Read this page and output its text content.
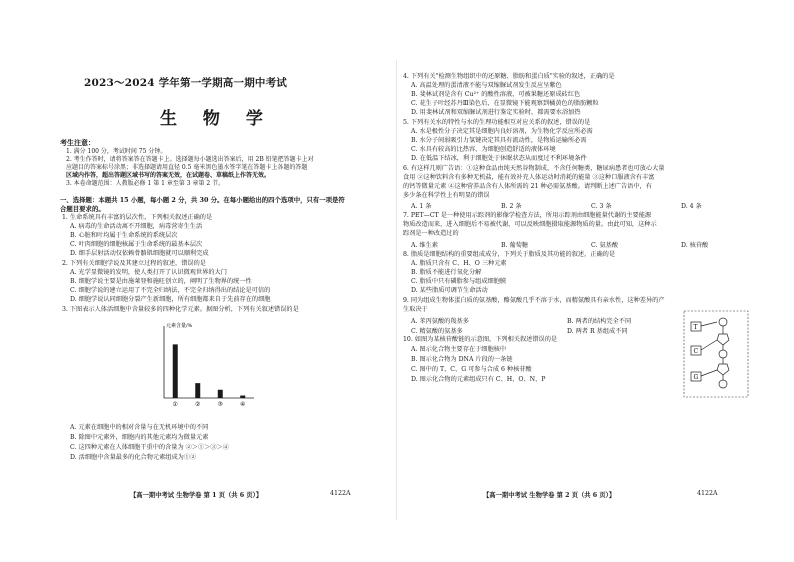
2023～2024 学年第一学期高一期中考试
生 物 学
考生注意：
1. 满分 100 分，考试时间 75 分钟。
2. 考生作答时，请将答案答在答题卡上。选择题每小题选出答案后，用 2B 铅笔把答题卡上对
应题目的答案标号涂黑；非选择题请用直径 0.5 毫米黑色墨水签字笔在答题卡上各题的答题
区域内作答，超出答题区域书写的答案无效，在试题卷、草稿纸上作答无效。
3. 本卷命题范围：人教版必修 1 第 1 章至第 3 章第 2 节。
一、选择题：本题共 15 小题，每小题 2 分，共 30 分。在每小题给出的四个选项中，只有一项是符
合题目要求的。
1. 生命系统具有丰富的层次性，下列相关叙述正确的是
A. 病毒的生命活动离不开细胞，病毒营寄生生活
B. 心脏和叶均属于生命系统的系统层次
C. 叶肉细胞的细胞核属于生命系统的最基本层次
D. 细手层射活动仅依赖骨骼肌细胞就可以顺利完成
2. 下列有关细胞学说及其建立过程的叙述，错误的是
A. 光学显微镜的发明，使人类打开了认识微观世界的大门
B. 细胞学说主要是由施莱登和施旺创立的，阐明了生物界的统一性
C. 细胞学说的建立运用了不完全归纳法，不完全归纳得出的结论是可信的
D. 细胞学说认同细胞分裂产生新细胞，所有细胞都来自于先前存在的细胞
3. 下图表示人体活细胞中含量较多的四种化学元素。据图分析，下列有关叙述错误的是
元素含量/%
①	②	③	④
A. 元素在细胞中的相对含量与在无机环境中的不同
B. 除图中元素外，细胞内的其他元素均为微量元素
C. 这四种元素在人体细胞干重中的含量为 ②＞①＞③＞④
D. 活细胞中含量最多的化合物元素组成为①②
【高一期中考试 生物学卷 第 1 页（共 6 页）】	4122A
4. 下列有关"检测生物组织中的还原糖、脂肪和蛋白质"实验的叙述，正确的是
A. 高温处理的蛋清液不能与双缩脲试剂发生反应呈紫色
B. 斐林试剂是含有 Cu²⁺ 的酸性溶液，可被果糖还原成砖红色
C. 花生子叶经苏丹Ⅲ染色后，在显微镜下能观察到橘黄色的脂肪颗粒
D. 用斐林试剂和双缩脲试剂进行鉴定实验时，都需要水浴加热
5. 下列有关水的特性与水的生理功能相互对应关系的叙述，错误的是
A. 水是极性分子决定其是细胞内良好溶剂，为生物化学反应所必需
B. 水分子间弱吸引力氢键决定其具有流动性，是物质运输所必需
C. 水具有较高的比热容，为细胞创造舒适的液体环境
D. 在低温下结冰，利于细胞处于休眠状态从而度过不利环境条件
6. 有这样几则广告语：①这种食品由纯天然谷物制成，不含任何糖类，糖尿病患者也可放心大量
食用 ②这种饮料含有多种无机盐，能有效补充人体运动时消耗的能量 ③这种口服液含有丰富
的钙等微量元素 ④这种营养品含有人体所需的 21 种必需氨基酸。请判断上述广告语中，有
多少条在科学性上有明显的错误
A. 1 条	B. 2 条	C. 3 条	D. 4 条
7. PET—CT 是一种使用示踪剂的影像学检查方法，所用示踪剂由细胞能量代谢的主要能源
物质改造而来，进入细胞后不易被代谢，可以反映细胞摄取能源物质的量。由此可知，这种示
踪剂是一种改造过的
A. 维生素	B. 葡萄糖	C. 氨基酸	D. 核苷酸
8. 脂质是细胞结构的重要组成成分，下列关于脂质及其功能的叙述，正确的是
A. 脂质只含有 C、H、O 三种元素
B. 脂质不能进行氧化分解
C. 脂质中只有磷脂参与组成细胞膜
D. 某些脂质可调节生命活动
9. 同为组成生物体蛋白质的氨基酸，酪氨酸几乎不溶于水，而精氨酸具有亲水性，这种差异的产
生取决于
A. 苯丙氨酸的羧基多	B. 两者的结构完全不同
C. 精氨酸的氨基多	D. 两者 R 基组成不同
T
C
G
10. 如图为某核苷酸链的示意图，下列相关叙述错误的是
A. 图示化合物主要存在于细胞核中
B. 图示化合物为 DNA 片段的一条链
C. 图中的 T、C、G 可参与合成 6 种核苷酸
D. 图示化合物的元素组成只有 C、H、O、N、P
【高一期中考试 生物学卷 第 2 页（共 6 页）】	4122A
